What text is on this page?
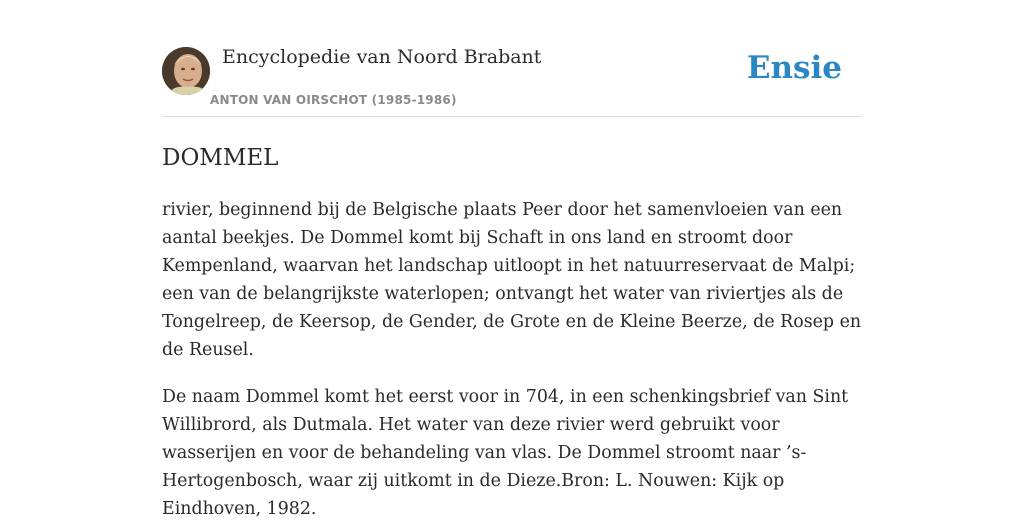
Encyclopedie van Noord Brabant
ANTON VAN OIRSCHOT (1985-1986)
Ensie
DOMMEL

rivier, beginnend bij de Belgische plaats Peer door het samenvloeien van een aantal beekjes. De Dommel komt bij Schaft in ons land en stroomt door Kempenland, waarvan het landschap uitloopt in het natuurreservaat de Malpi; een van de belangrijkste waterlopen; ontvangt het water van riviertjes als de Tongelreep, de Keersop, de Gender, de Grote en de Kleine Beerze, de Rosep en de Reusel.

De naam Dommel komt het eerst voor in 704, in een schenkingsbrief van Sint Willibrord, als Dutmala. Het water van deze rivier werd gebruikt voor wasserijen en voor de behandeling van vlas. De Dommel stroomt naar ’s-Hertogenbosch, waar zij uitkomt in de Dieze.Bron: L. Nouwen: Kijk op Eindhoven, 1982.
